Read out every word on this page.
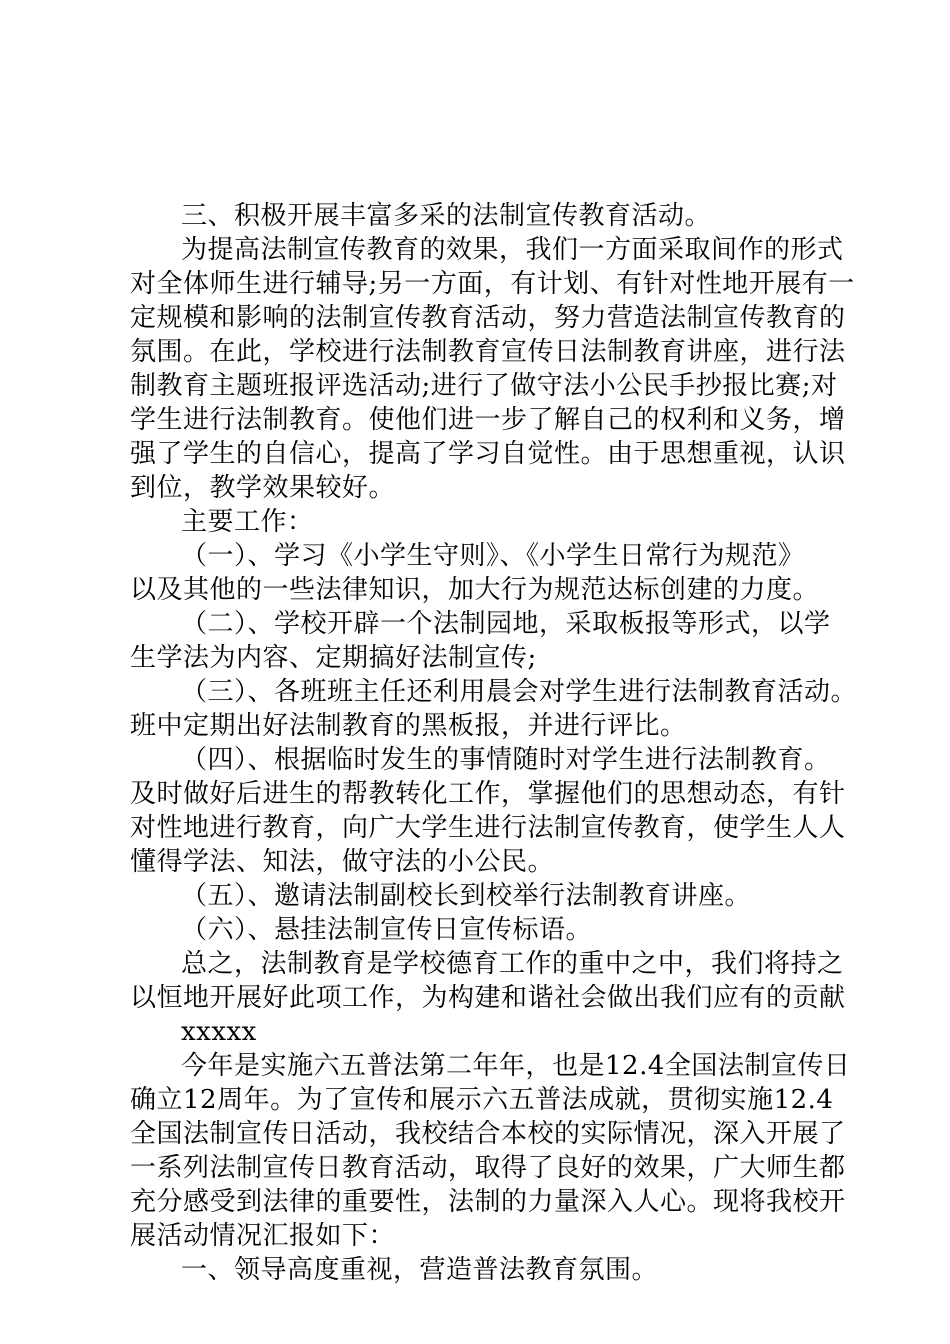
三、积极开展丰富多采的法制宣传教育活动。
为提高法制宣传教育的效果，我们一方面采取间作的形式
对全体师生进行辅导;另一方面，有计划、有针对性地开展有一
定规模和影响的法制宣传教育活动，努力营造法制宣传教育的
氛围。在此，学校进行法制教育宣传日法制教育讲座，进行法
制教育主题班报评选活动;进行了做守法小公民手抄报比赛;对
学生进行法制教育。使他们进一步了解自己的权利和义务，增
强了学生的自信心，提高了学习自觉性。由于思想重视，认识
到位，教学效果较好。
主要工作：
（一）、学习《小学生守则》、《小学生日常行为规范》
以及其他的一些法律知识，加大行为规范达标创建的力度。
（二）、学校开辟一个法制园地，采取板报等形式，以学
生学法为内容、定期搞好法制宣传;
（三）、各班班主任还利用晨会对学生进行法制教育活动。
班中定期出好法制教育的黑板报，并进行评比。
（四）、根据临时发生的事情随时对学生进行法制教育。
及时做好后进生的帮教转化工作，掌握他们的思想动态，有针
对性地进行教育，向广大学生进行法制宣传教育，使学生人人
懂得学法、知法，做守法的小公民。
（五）、邀请法制副校长到校举行法制教育讲座。
（六）、悬挂法制宣传日宣传标语。
总之，法制教育是学校德育工作的重中之中，我们将持之
以恒地开展好此项工作，为构建和谐社会做出我们应有的贡献
xxxxx
今年是实施六五普法第二年年，也是12.4全国法制宣传日
确立12周年。为了宣传和展示六五普法成就，贯彻实施12.4
全国法制宣传日活动，我校结合本校的实际情况，深入开展了
一系列法制宣传日教育活动，取得了良好的效果，广大师生都
充分感受到法律的重要性，法制的力量深入人心。现将我校开
展活动情况汇报如下：
一、领导高度重视，营造普法教育氛围。
